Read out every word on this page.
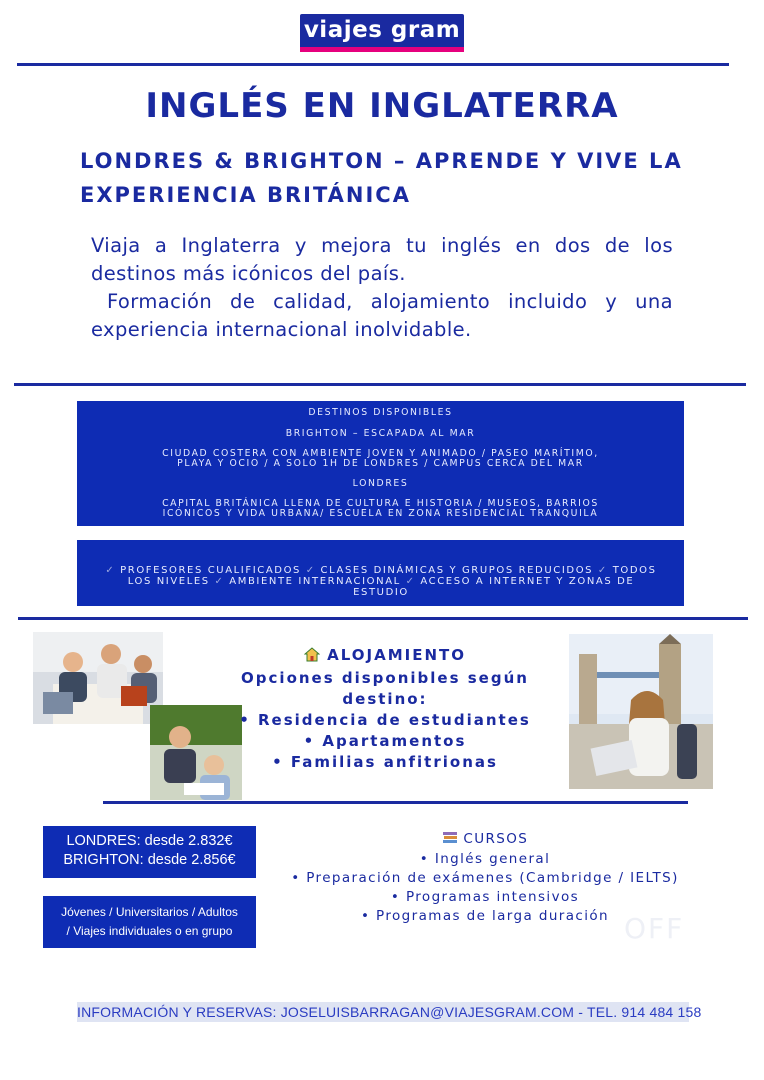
viajes gram
INGLÉS EN INGLATERRA
LONDRES & BRIGHTON – APRENDE Y VIVE LA EXPERIENCIA BRITÁNICA

Viaja a Inglaterra y mejora tu inglés en dos de los destinos más icónicos del país.

Formación de calidad, alojamiento incluido y una experiencia internacional inolvidable.

DESTINOS DISPONIBLES
BRIGHTON – ESCAPADA AL MAR
CIUDAD COSTERA CON AMBIENTE JOVEN Y ANIMADO / PASEO MARÍTIMO,
PLAYA Y OCIO / A SOLO 1H DE LONDRES / CAMPUS CERCA DEL MAR
LONDRES
CAPITAL BRITÁNICA LLENA DE CULTURA E HISTORIA / MUSEOS, BARRIOS
ICÓNICOS Y VIDA URBANA/ ESCUELA EN ZONA RESIDENCIAL TRANQUILA
✓ PROFESORES CUALIFICADOS ✓ CLASES DINÁMICAS Y GRUPOS REDUCIDOS ✓ TODOS LOS NIVELES ✓ AMBIENTE INTERNACIONAL ✓ ACCESO A INTERNET Y ZONAS DE ESTUDIO
ALOJAMIENTO
Opciones disponibles según
destino:
• Residencia de estudiantes
• Apartamentos
• Familias anfitrionas
LONDRES: desde 2.832€
BRIGHTON: desde 2.856€
Jóvenes / Universitarios / Adultos
/ Viajes individuales o en grupo
CURSOS
• Inglés general
• Preparación de exámenes (Cambridge / IELTS)
• Programas intensivos
• Programas de larga duración OFF
INFORMACIÓN Y RESERVAS: JOSELUISBARRAGAN@VIAJESGRAM.COM - TEL. 914 484 158
